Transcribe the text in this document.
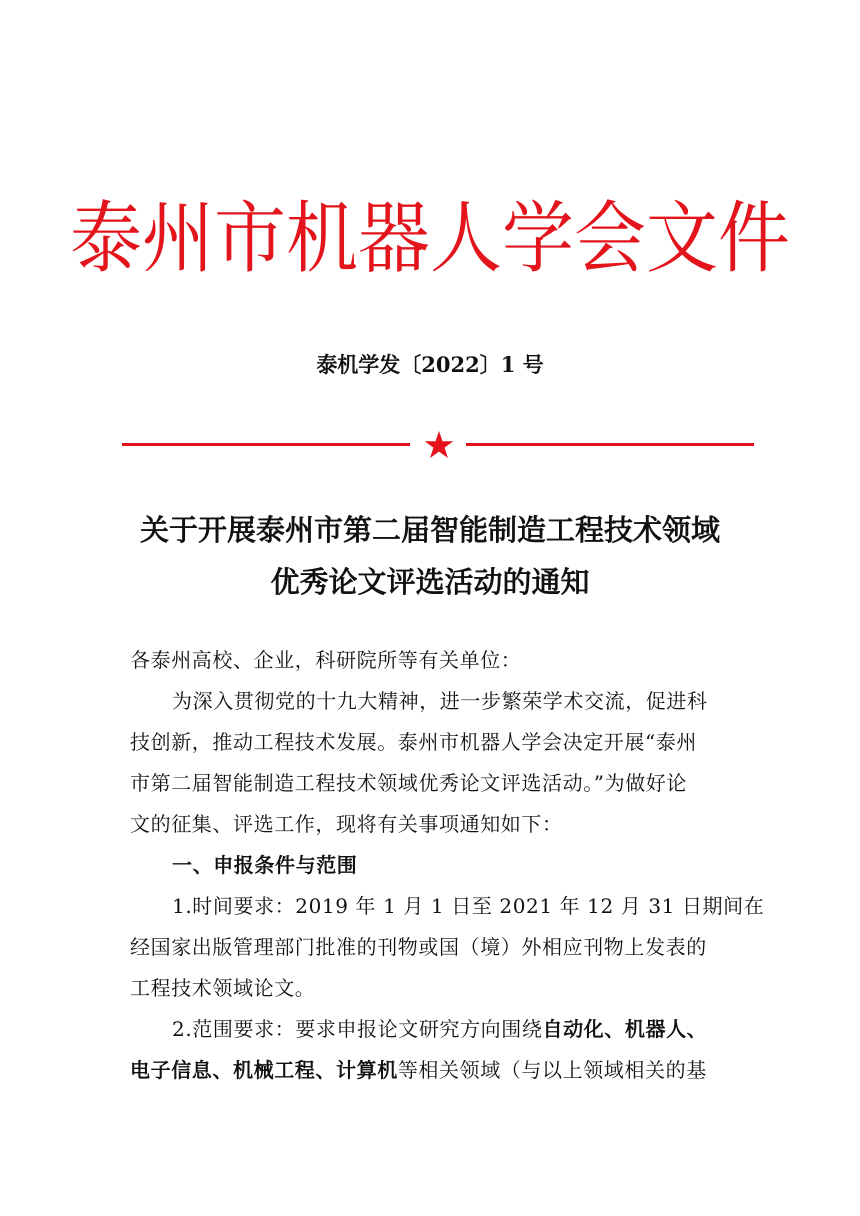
泰州市机器人学会文件
泰机学发〔2022〕1 号
关于开展泰州市第二届智能制造工程技术领域
优秀论文评选活动的通知
各泰州高校、企业，科研院所等有关单位：
为深入贯彻党的十九大精神，进一步繁荣学术交流，促进科
技创新，推动工程技术发展。泰州市机器人学会决定开展“泰州
市第二届智能制造工程技术领域优秀论文评选活动。”为做好论
文的征集、评选工作，现将有关事项通知如下：
一、申报条件与范围
1.时间要求：2019 年 1 月 1 日至 2021 年 12 月 31 日期间在
经国家出版管理部门批准的刊物或国（境）外相应刊物上发表的
工程技术领域论文。
2.范围要求：要求申报论文研究方向围绕自动化、机器人、
电子信息、机械工程、计算机等相关领域（与以上领域相关的基
